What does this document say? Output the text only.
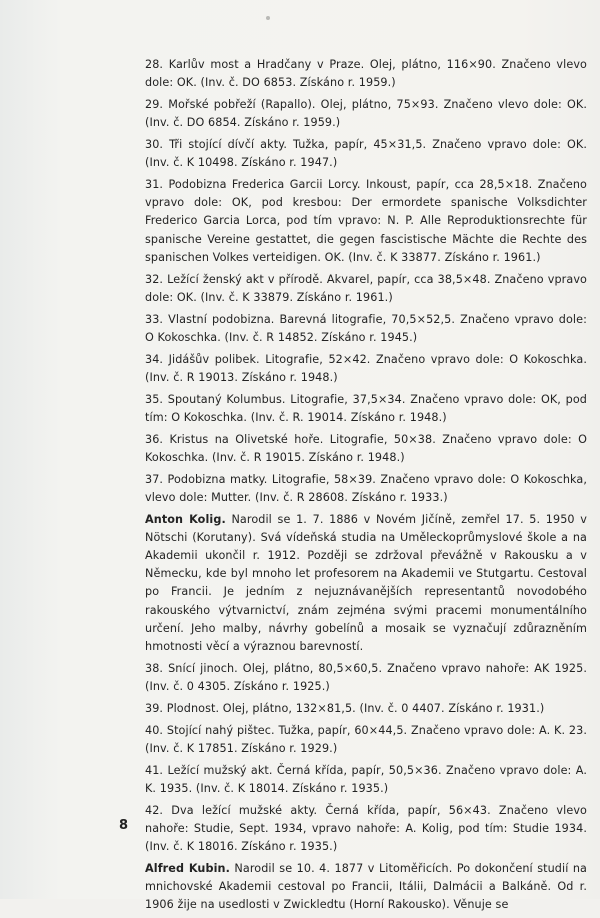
28. Karlův most a Hradčany v Praze. Olej, plátno, 116×90. Značeno vlevo dole: OK. (Inv. č. DO 6853. Získáno r. 1959.)

29. Mořské pobřeží (Rapallo). Olej, plátno, 75×93. Značeno vlevo dole: OK. (Inv. č. DO 6854. Získáno r. 1959.)

30. Tři stojící dívčí akty. Tužka, papír, 45×31,5. Značeno vpravo dole: OK. (Inv. č. K 10498. Získáno r. 1947.)

31. Podobizna Frederica Garcii Lorcy. Inkoust, papír, cca 28,5×18. Značeno vpravo dole: OK, pod kresbou: Der ermordete spanische Volksdichter Frederico Garcia Lorca, pod tím vpravo: N. P. Alle Reproduktionsrechte für spanische Vereine gestattet, die gegen fascistische Mächte die Rechte des spanischen Volkes verteidigen. OK. (Inv. č. K 33877. Získáno r. 1961.)

32. Ležící ženský akt v přírodě. Akvarel, papír, cca 38,5×48. Značeno vpravo dole: OK. (Inv. č. K 33879. Získáno r. 1961.)

33. Vlastní podobizna. Barevná litografie, 70,5×52,5. Značeno vpravo dole: O Kokoschka. (Inv. č. R 14852. Získáno r. 1945.)

34. Jidášův polibek. Litografie, 52×42. Značeno vpravo dole: O Kokoschka. (Inv. č. R 19013. Získáno r. 1948.)

35. Spoutaný Kolumbus. Litografie, 37,5×34. Značeno vpravo dole: OK, pod tím: O Kokoschka. (Inv. č. R. 19014. Získáno r. 1948.)

36. Kristus na Olivetské hoře. Litografie, 50×38. Značeno vpravo dole: O Kokoschka. (Inv. č. R 19015. Získáno r. 1948.)

37. Podobizna matky. Litografie, 58×39. Značeno vpravo dole: O Kokoschka, vlevo dole: Mutter. (Inv. č. R 28608. Získáno r. 1933.)

Anton Kolig. Narodil se 1. 7. 1886 v Novém Jičíně, zemřel 17. 5. 1950 v Nötschi (Korutany). Svá vídeňská studia na Uměleckoprůmyslové škole a na Akademii ukončil r. 1912. Později se zdržoval převážně v Rakousku a v Německu, kde byl mnoho let profesorem na Akademii ve Stutgartu. Cestoval po Francii. Je jedním z nejuznávanějších representantů novodobého rakouského výtvarnictví, znám zejména svými pracemi monumentálního určení. Jeho malby, návrhy gobelínů a mosaik se vyznačují zdůrazněním hmotnosti věcí a výraznou barevností.

38. Snící jinoch. Olej, plátno, 80,5×60,5. Značeno vpravo nahoře: AK 1925. (Inv. č. 0 4305. Získáno r. 1925.)

39. Plodnost. Olej, plátno, 132×81,5. (Inv. č. 0 4407. Získáno r. 1931.)

40. Stojící nahý pištec. Tužka, papír, 60×44,5. Značeno vpravo dole: A. K. 23. (Inv. č. K 17851. Získáno r. 1929.)

41. Ležící mužský akt. Černá křída, papír, 50,5×36. Značeno vpravo dole: A. K. 1935. (Inv. č. K 18014. Získáno r. 1935.)

42. Dva ležící mužské akty. Černá křída, papír, 56×43. Značeno vlevo nahoře: Studie, Sept. 1934, vpravo nahoře: A. Kolig, pod tím: Studie 1934. (Inv. č. K 18016. Získáno r. 1935.)

Alfred Kubin. Narodil se 10. 4. 1877 v Litoměřicích. Po dokončení studií na mnichovské Akademii cestoval po Francii, Itálii, Dalmácii a Balkáně. Od r. 1906 žije na usedlosti v Zwickledtu (Horní Rakousko). Věnuje se

8
